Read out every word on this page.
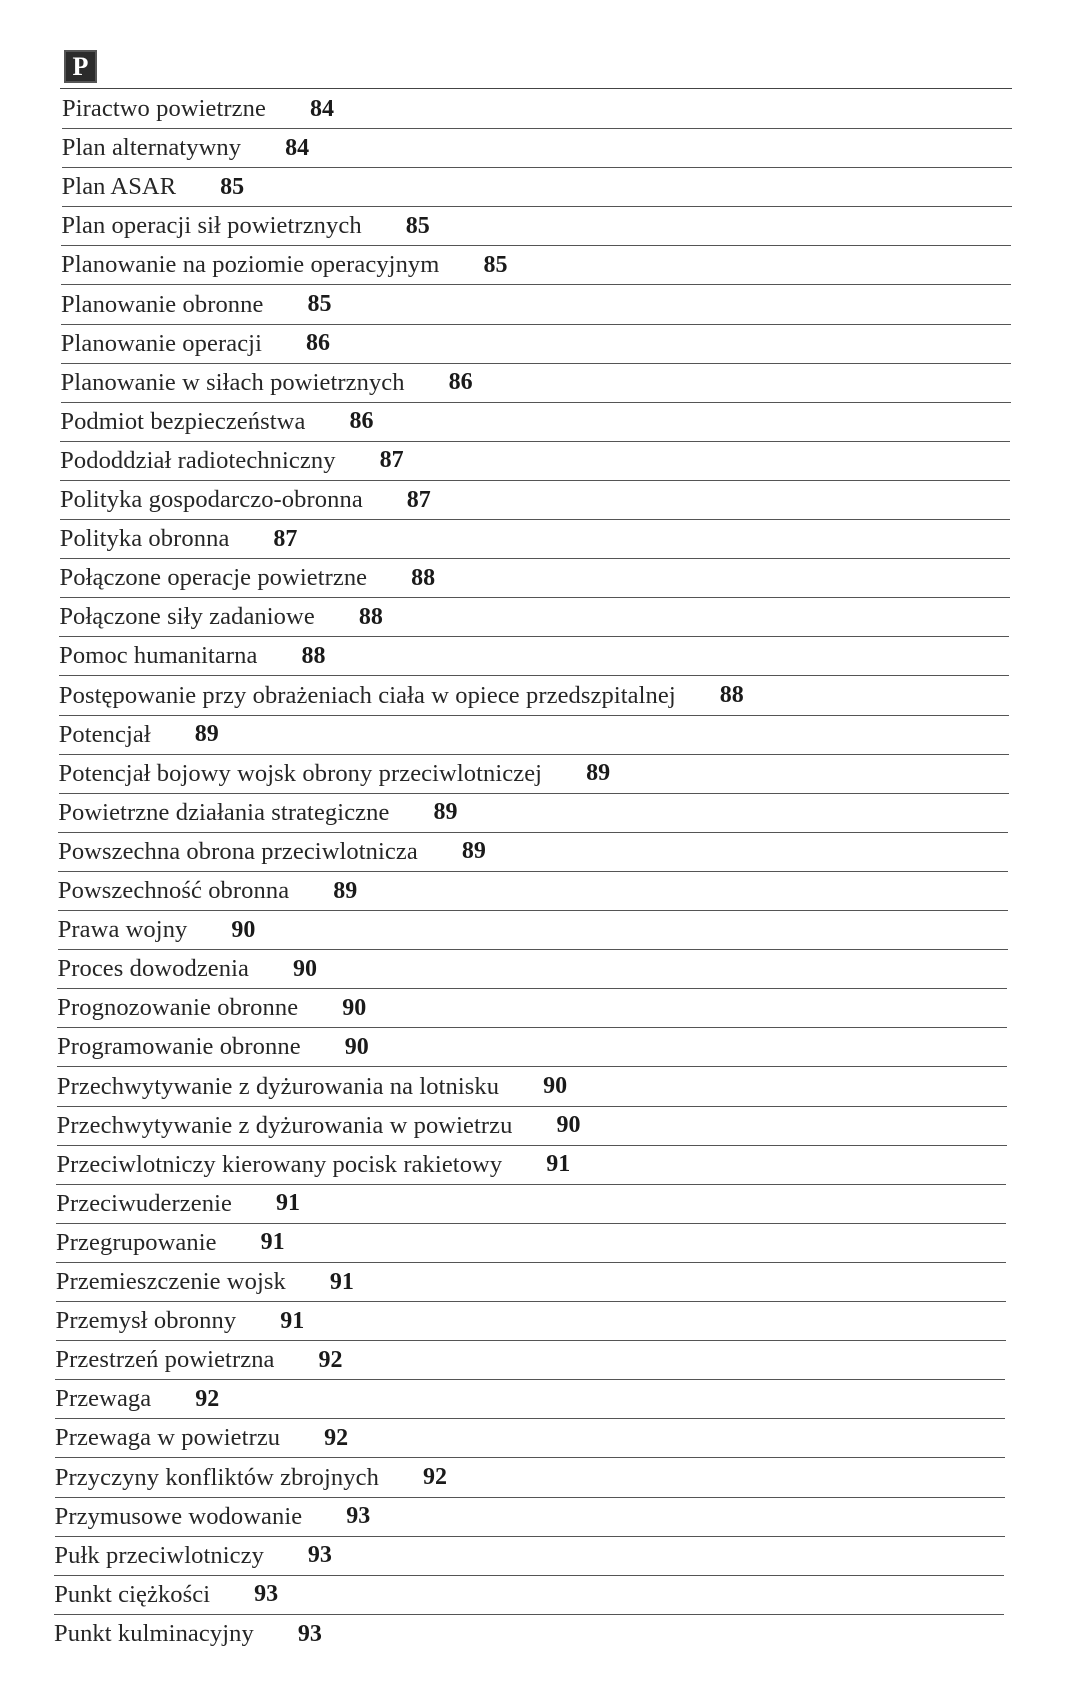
P
Piractwo powietrzne 84
Plan alternatywny 84
Plan ASAR 85
Plan operacji sił powietrznych 85
Planowanie na poziomie operacyjnym 85
Planowanie obronne 85
Planowanie operacji 86
Planowanie w siłach powietrznych 86
Podmiot bezpieczeństwa 86
Pododdział radiotechniczny 87
Polityka gospodarczo-obronna 87
Polityka obronna 87
Połączone operacje powietrzne 88
Połączone siły zadaniowe 88
Pomoc humanitarna 88
Postępowanie przy obrażeniach ciała w opiece przedszpitalnej 88
Potencjał 89
Potencjał bojowy wojsk obrony przeciwlotniczej 89
Powietrzne działania strategiczne 89
Powszechna obrona przeciwlotnicza 89
Powszechność obronna 89
Prawa wojny 90
Proces dowodzenia 90
Prognozowanie obronne 90
Programowanie obronne 90
Przechwytywanie z dyżurowania na lotnisku 90
Przechwytywanie z dyżurowania w powietrzu 90
Przeciwlotniczy kierowany pocisk rakietowy 91
Przeciwuderzenie 91
Przegrupowanie 91
Przemieszczenie wojsk 91
Przemysł obronny 91
Przestrzeń powietrzna 92
Przewaga 92
Przewaga w powietrzu 92
Przyczyny konfliktów zbrojnych 92
Przymusowe wodowanie 93
Pułk przeciwlotniczy 93
Punkt ciężkości 93
Punkt kulminacyjny 93
